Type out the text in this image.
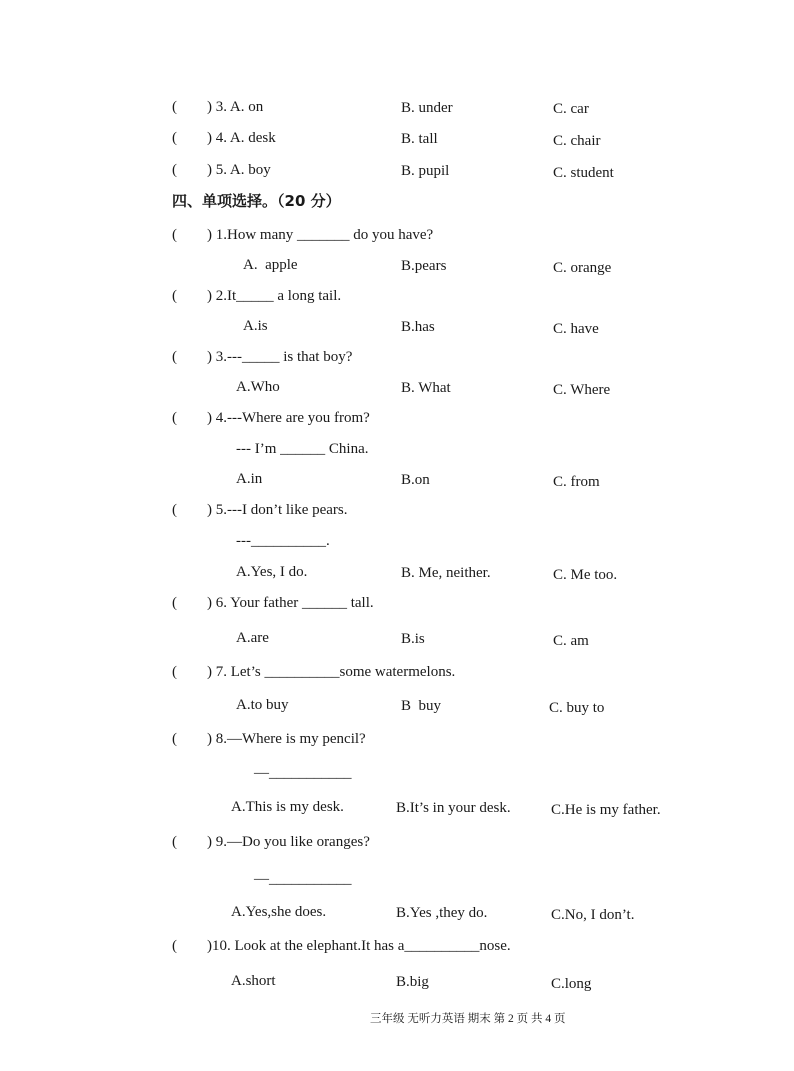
(        ) 3. A. on	B. under	C. car
(        ) 4. A. desk	B. tall	C. chair
(        ) 5. A. boy	B. pupil	C. student
四、单项选择。（20 分）
(        ) 1.How many _______ do you have?
A.  apple	B.pears	C. orange
(        ) 2.It_____ a long tail.
A.is	B.has	C. have
(        ) 3.---_____ is that boy?
A.Who	B. What	C. Where
(        ) 4.---Where are you from?
--- I’m ______ China.
A.in	B.on	C. from
(        ) 5.---I don’t like pears.
---__________.
A.Yes, I do.	B. Me, neither.	C. Me too.
(        ) 6. Your father ______ tall.
A.are	B.is	C. am
(        ) 7. Let’s __________some watermelons.
A.to buy	B  buy	C. buy to
(        ) 8.—Where is my pencil?
—___________
A.This is my desk.	B.It’s in your desk.	C.He is my father.
(        ) 9.—Do you like oranges?
—___________
A.Yes,she does.	B.Yes ,they do.	C.No, I don’t.
(        )10. Look at the elephant.It has a__________nose.
A.short	B.big	C.long
三年级 无听力英语 期末 第 2 页 共 4 页
